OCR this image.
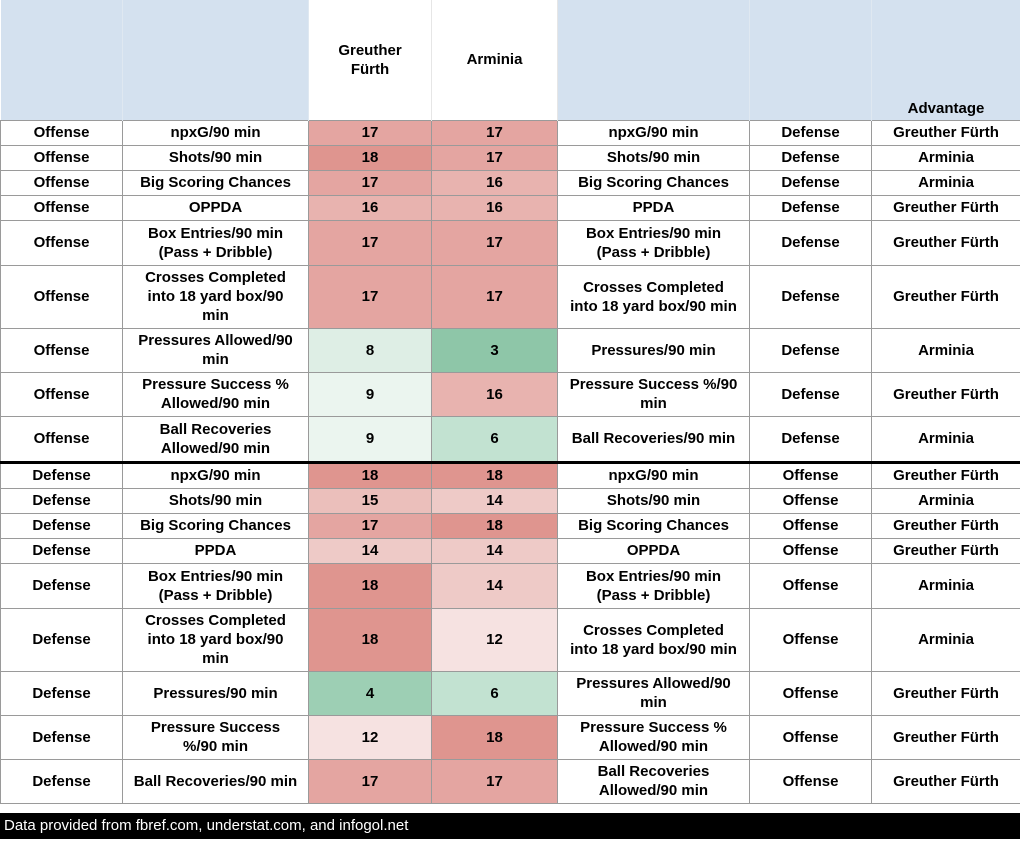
		Greuther
Fürth	Arminia			Advantage
Offense	npxG/90 min	17	17	npxG/90 min	Defense	Greuther Fürth
Offense	Shots/90 min	18	17	Shots/90 min	Defense	Arminia
Offense	Big Scoring Chances	17	16	Big Scoring Chances	Defense	Arminia
Offense	OPPDA	16	16	PPDA	Defense	Greuther Fürth
Offense	Box Entries/90 min
(Pass + Dribble)	17	17	Box Entries/90 min
(Pass + Dribble)	Defense	Greuther Fürth
Offense	Crosses Completed
into 18 yard box/90
min	17	17	Crosses Completed
into 18 yard box/90 min	Defense	Greuther Fürth
Offense	Pressures Allowed/90
min	8	3	Pressures/90 min	Defense	Arminia
Offense	Pressure Success %
Allowed/90 min	9	16	Pressure Success %/90
min	Defense	Greuther Fürth
Offense	Ball Recoveries
Allowed/90 min	9	6	Ball Recoveries/90 min	Defense	Arminia
Defense	npxG/90 min	18	18	npxG/90 min	Offense	Greuther Fürth
Defense	Shots/90 min	15	14	Shots/90 min	Offense	Arminia
Defense	Big Scoring Chances	17	18	Big Scoring Chances	Offense	Greuther Fürth
Defense	PPDA	14	14	OPPDA	Offense	Greuther Fürth
Defense	Box Entries/90 min
(Pass + Dribble)	18	14	Box Entries/90 min
(Pass + Dribble)	Offense	Arminia
Defense	Crosses Completed
into 18 yard box/90
min	18	12	Crosses Completed
into 18 yard box/90 min	Offense	Arminia
Defense	Pressures/90 min	4	6	Pressures Allowed/90
min	Offense	Greuther Fürth
Defense	Pressure Success
%/90 min	12	18	Pressure Success %
Allowed/90 min	Offense	Greuther Fürth
Defense	Ball Recoveries/90 min	17	17	Ball Recoveries
Allowed/90 min	Offense	Greuther Fürth
Data provided from fbref.com, understat.com, and infogol.net
